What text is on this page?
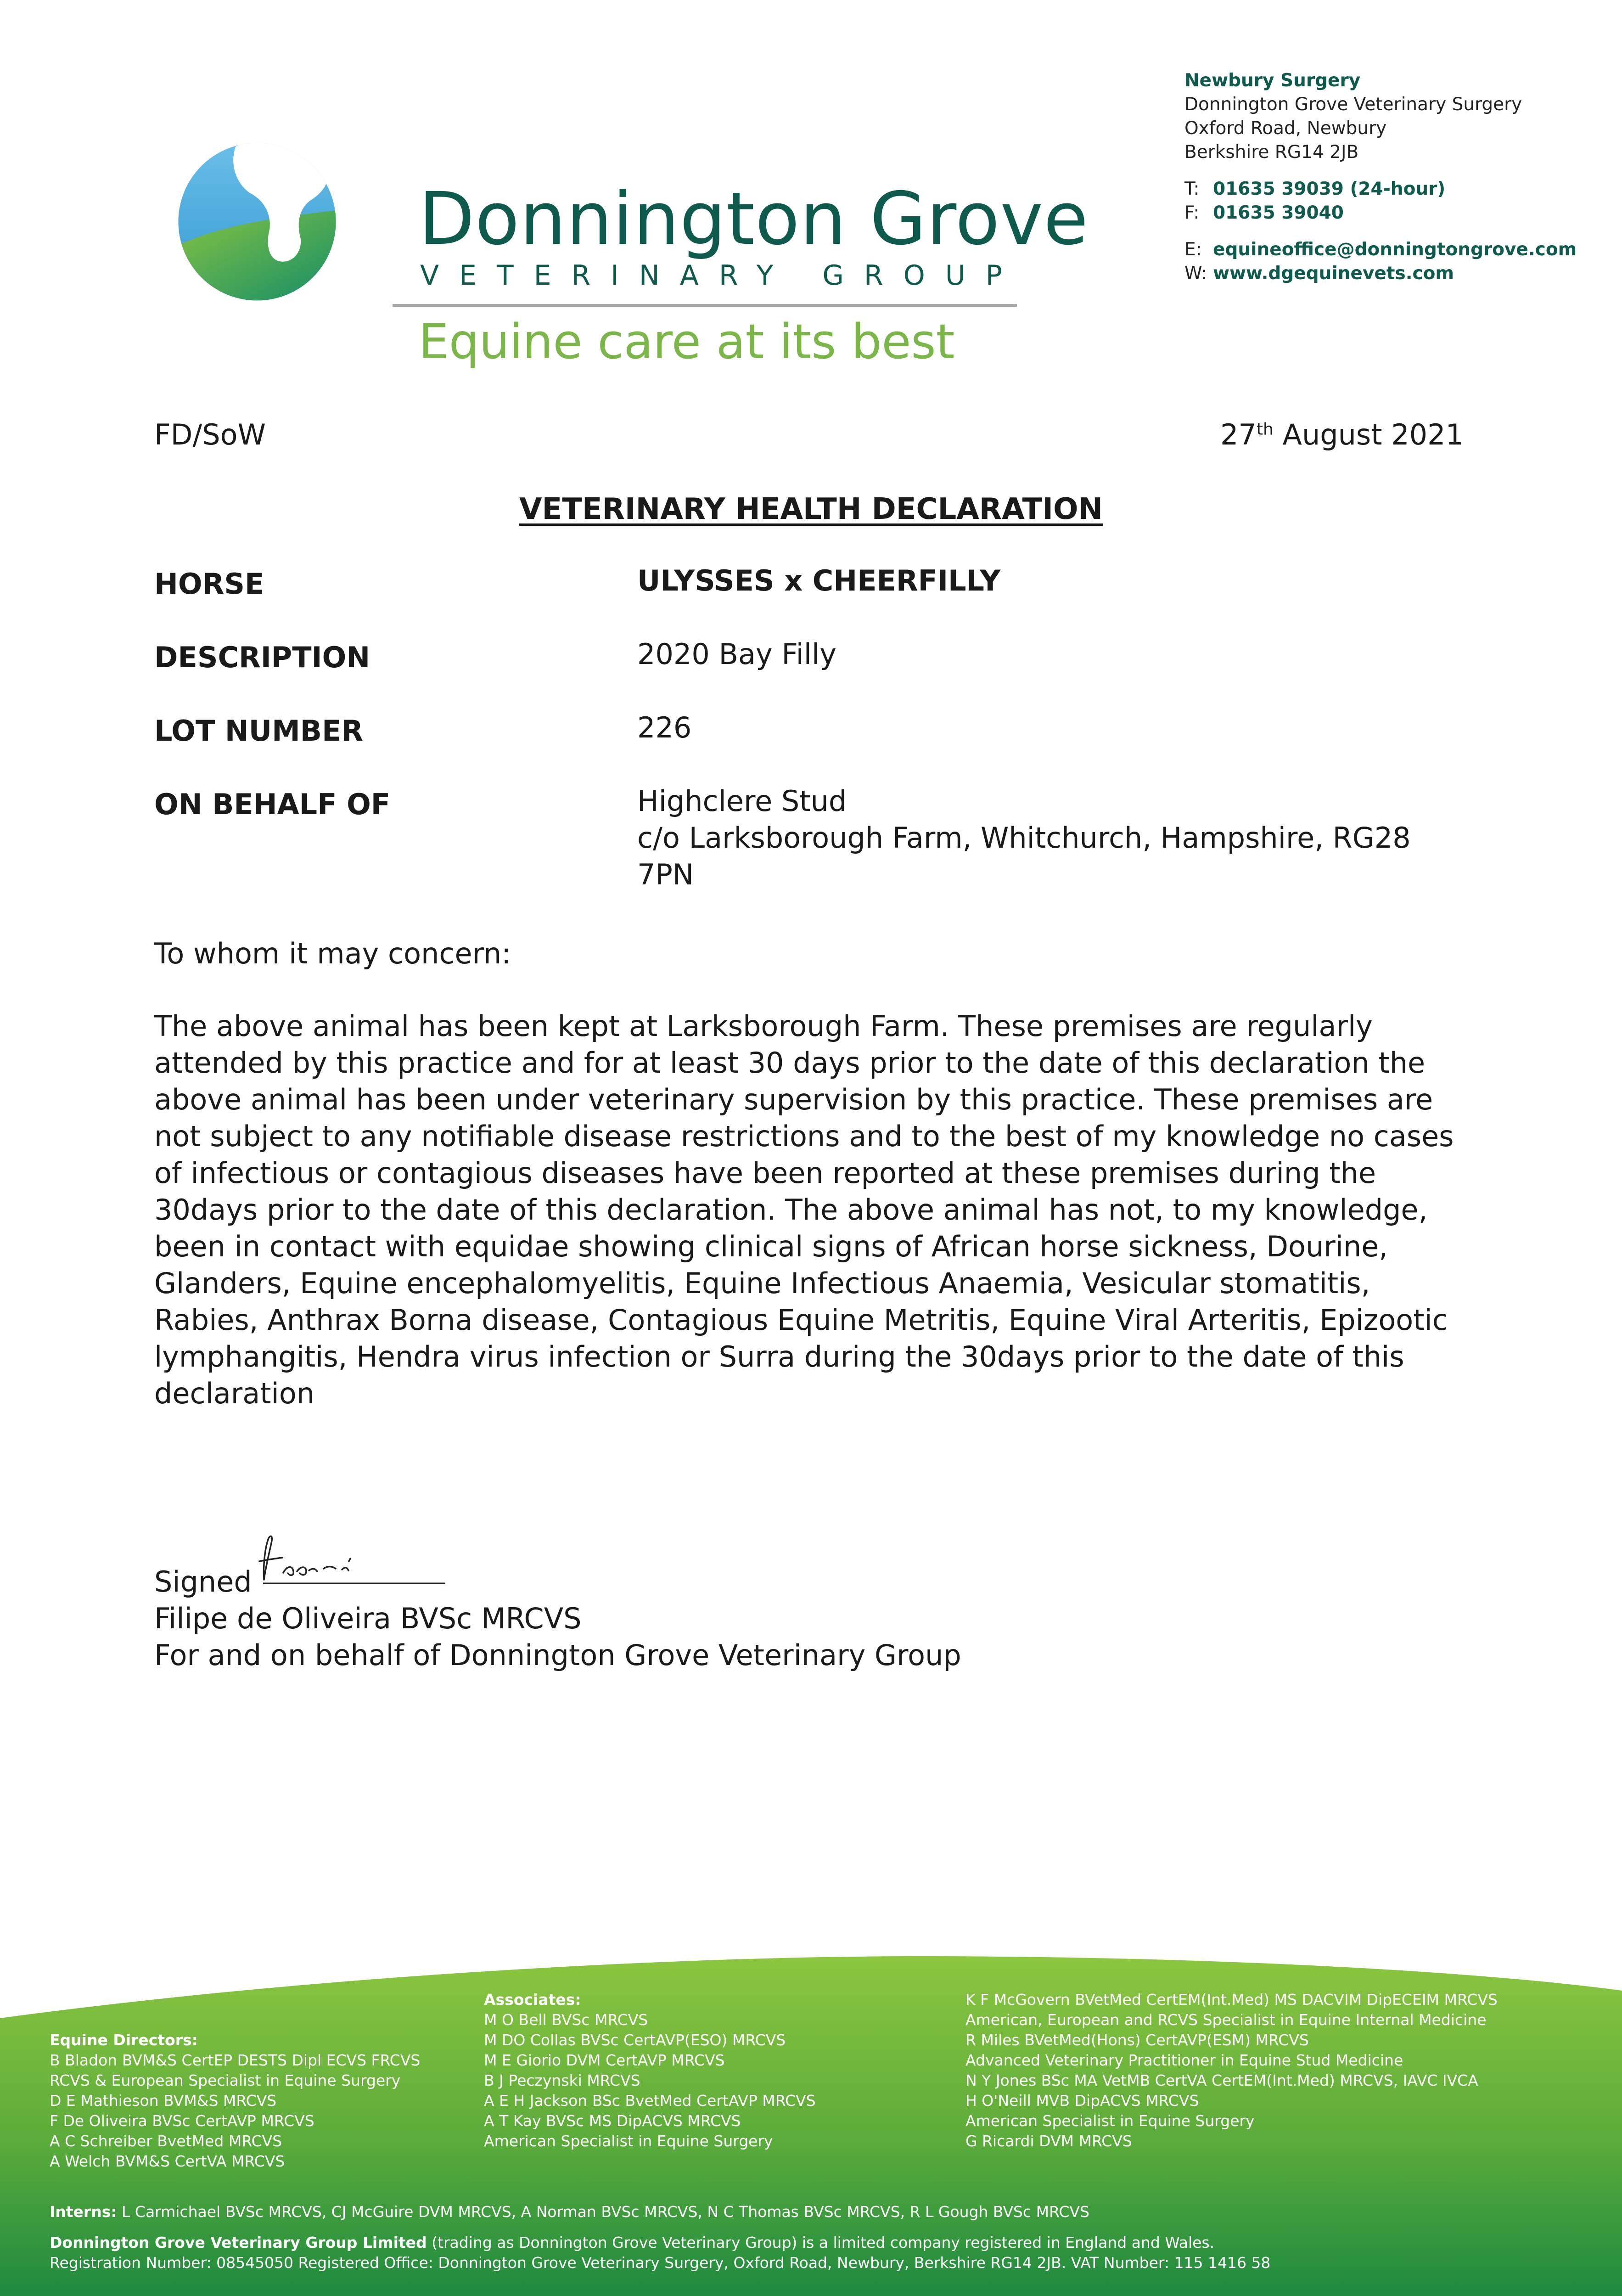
Donnington Grove
VETERINARY GROUP
Equine care at its best
Newbury Surgery
Donnington Grove Veterinary Surgery
Oxford Road, Newbury
Berkshire RG14 2JB
T: 01635 39039 (24-hour)
F: 01635 39040
E: equineoffice@donningtongrove.com
W: www.dgequinevets.com
FD/SoW	27th August 2021
VETERINARY HEALTH DECLARATION
HORSE	ULYSSES x CHEERFILLY
DESCRIPTION	2020 Bay Filly
LOT NUMBER	226
ON BEHALF OF	Highclere Stud
c/o Larksborough Farm, Whitchurch, Hampshire, RG28
7PN
To whom it may concern:
The above animal has been kept at Larksborough Farm. These premises are regularly attended by this practice and for at least 30 days prior to the date of this declaration the above animal has been under veterinary supervision by this practice. These premises are not subject to any notifiable disease restrictions and to the best of my knowledge no cases of infectious or contagious diseases have been reported at these premises during the 30days prior to the date of this declaration. The above animal has not, to my knowledge, been in contact with equidae showing clinical signs of African horse sickness, Dourine, Glanders, Equine encephalomyelitis, Equine Infectious Anaemia, Vesicular stomatitis, Rabies, Anthrax Borna disease, Contagious Equine Metritis, Equine Viral Arteritis, Epizootic lymphangitis, Hendra virus infection or Surra during the 30days prior to the date of this declaration
Signed
Filipe de Oliveira BVSc MRCVS
For and on behalf of Donnington Grove Veterinary Group
Equine Directors:
B Bladon BVM&S CertEP DESTS Dipl ECVS FRCVS
RCVS & European Specialist in Equine Surgery
D E Mathieson BVM&S MRCVS
F De Oliveira BVSc CertAVP MRCVS
A C Schreiber BvetMed MRCVS
A Welch BVM&S CertVA MRCVS
Associates:
M O Bell BVSc MRCVS
M DO Collas BVSc CertAVP(ESO) MRCVS
M E Giorio DVM CertAVP MRCVS
B J Peczynski MRCVS
A E H Jackson BSc BvetMed CertAVP MRCVS
A T Kay BVSc MS DipACVS MRCVS
American Specialist in Equine Surgery
K F McGovern BVetMed CertEM(Int.Med) MS DACVIM DipECEIM MRCVS
American, European and RCVS Specialist in Equine Internal Medicine
R Miles BVetMed(Hons) CertAVP(ESM) MRCVS
Advanced Veterinary Practitioner in Equine Stud Medicine
N Y Jones BSc MA VetMB CertVA CertEM(Int.Med) MRCVS, IAVC IVCA
H O'Neill MVB DipACVS MRCVS
American Specialist in Equine Surgery
G Ricardi DVM MRCVS
Interns: L Carmichael BVSc MRCVS, CJ McGuire DVM MRCVS, A Norman BVSc MRCVS, N C Thomas BVSc MRCVS, R L Gough BVSc MRCVS
Donnington Grove Veterinary Group Limited (trading as Donnington Grove Veterinary Group) is a limited company registered in England and Wales.
Registration Number: 08545050 Registered Office: Donnington Grove Veterinary Surgery, Oxford Road, Newbury, Berkshire RG14 2JB. VAT Number: 115 1416 58
